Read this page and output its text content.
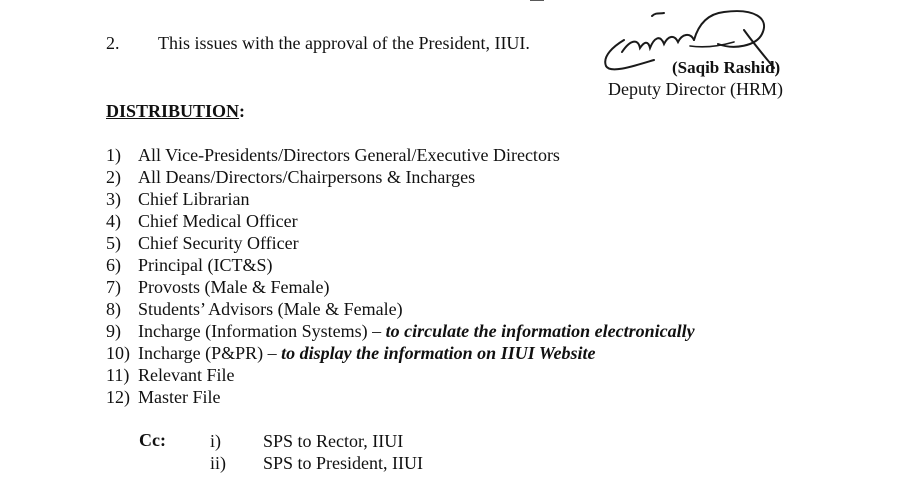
2. This issues with the approval of the President, IIUI.
(Saqib Rashid)
Deputy Director (HRM)
DISTRIBUTION:
1) All Vice-Presidents/Directors General/Executive Directors
2) All Deans/Directors/Chairpersons & Incharges
3) Chief Librarian
4) Chief Medical Officer
5) Chief Security Officer
6) Principal (ICT&S)
7) Provosts (Male & Female)
8) Students’ Advisors (Male & Female)
9) Incharge (Information Systems) – to circulate the information electronically
10) Incharge (P&PR) – to display the information on IIUI Website
11) Relevant File
12) Master File
Cc: i) SPS to Rector, IIUI
ii) SPS to President, IIUI
